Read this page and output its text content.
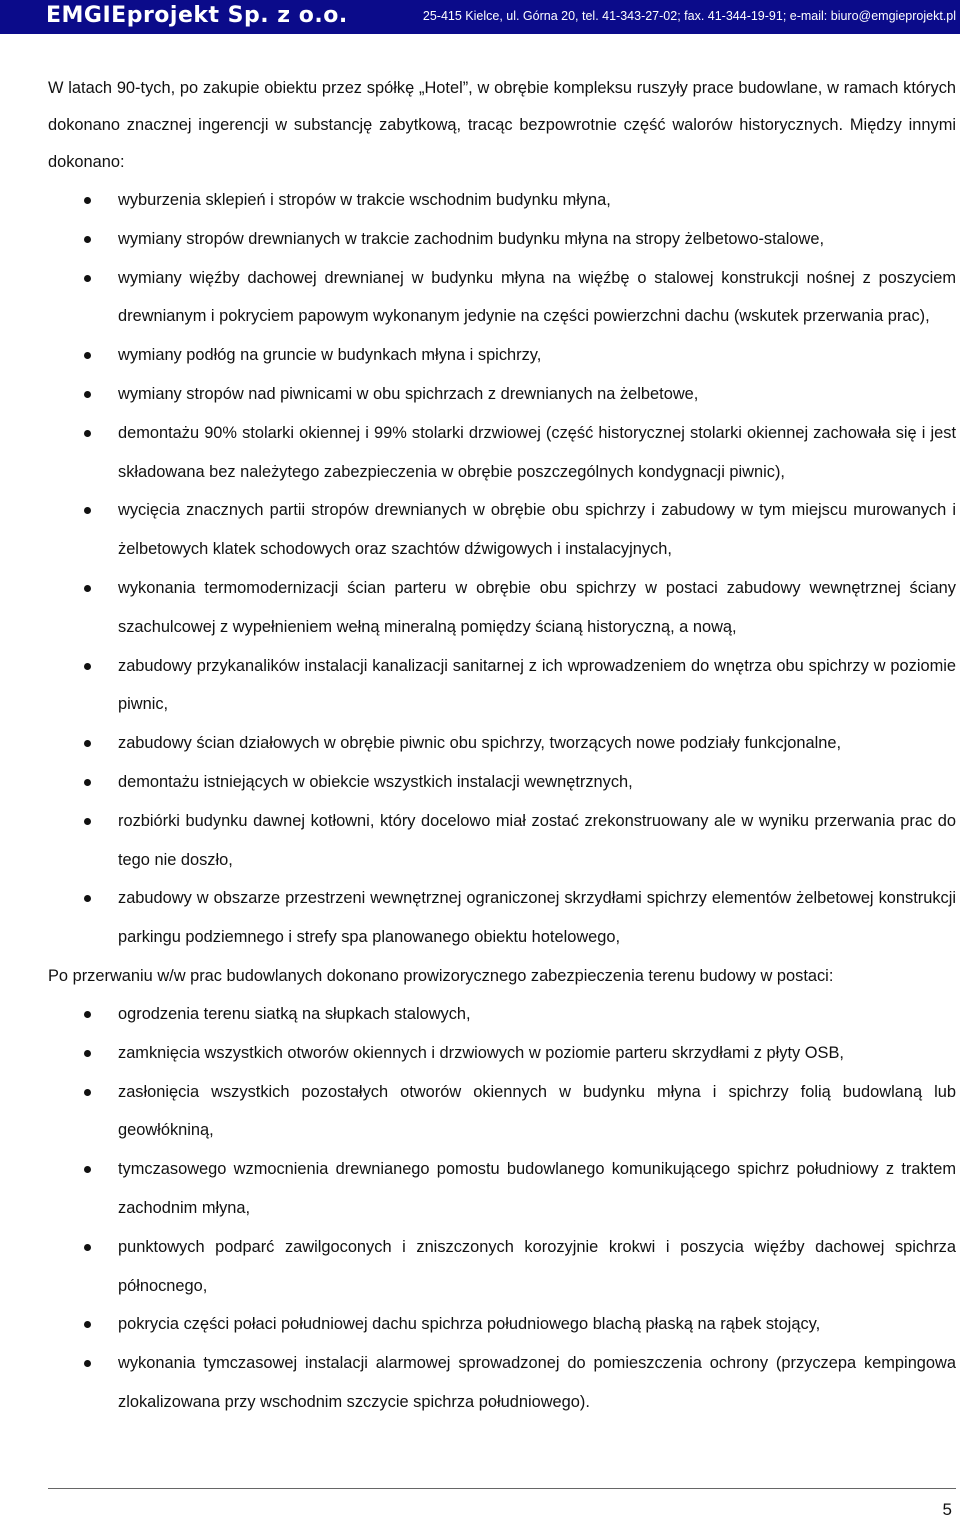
EMGIEprojekt Sp. z o.o.	25-415 Kielce, ul. Górna 20, tel. 41-343-27-02; fax. 41-344-19-91; e-mail: biuro@emgieprojekt.pl

W latach 90-tych, po zakupie obiektu przez spółkę „Hotel”, w obrębie kompleksu ruszyły prace budowlane, w ramach których dokonano znacznej ingerencji w substancję zabytkową, tracąc bezpowrotnie część walorów historycznych. Między innymi dokonano:

wyburzenia sklepień i stropów w trakcie wschodnim budynku młyna,
wymiany stropów drewnianych w trakcie zachodnim budynku młyna na stropy żelbetowo-stalowe,
wymiany więźby dachowej drewnianej w budynku młyna na więźbę o stalowej konstrukcji nośnej z poszyciem drewnianym i pokryciem papowym wykonanym jedynie na części powierzchni dachu (wskutek przerwania prac),
wymiany podłóg na gruncie w budynkach młyna i spichrzy,
wymiany stropów nad piwnicami w obu spichrzach z drewnianych na żelbetowe,
demontażu 90% stolarki okiennej i 99% stolarki drzwiowej (część historycznej stolarki okiennej zachowała się i jest składowana bez należytego zabezpieczenia w obrębie poszczególnych kondygnacji piwnic),
wycięcia znacznych partii stropów drewnianych w obrębie obu spichrzy i zabudowy w tym miejscu murowanych i żelbetowych klatek schodowych oraz szachtów dźwigowych i instalacyjnych,
wykonania termomodernizacji ścian parteru w obrębie obu spichrzy w postaci zabudowy wewnętrznej ściany szachulcowej z wypełnieniem wełną mineralną pomiędzy ścianą historyczną, a nową,
zabudowy przykanalików instalacji kanalizacji sanitarnej z ich wprowadzeniem do wnętrza obu spichrzy w poziomie piwnic,
zabudowy ścian działowych w obrębie piwnic obu spichrzy, tworzących nowe podziały funkcjonalne,
demontażu istniejących w obiekcie wszystkich instalacji wewnętrznych,
rozbiórki budynku dawnej kotłowni, który docelowo miał zostać zrekonstruowany ale w wyniku przerwania prac do tego nie doszło,
zabudowy w obszarze przestrzeni wewnętrznej ograniczonej skrzydłami spichrzy elementów żelbetowej konstrukcji parkingu podziemnego i strefy spa planowanego obiektu hotelowego,

Po przerwaniu w/w prac budowlanych dokonano prowizorycznego zabezpieczenia terenu budowy w postaci:

ogrodzenia terenu siatką na słupkach stalowych,
zamknięcia wszystkich otworów okiennych i drzwiowych w poziomie parteru skrzydłami z płyty OSB,
zasłonięcia wszystkich pozostałych otworów okiennych w budynku młyna i spichrzy folią budowlaną lub geowłókniną,
tymczasowego wzmocnienia drewnianego pomostu budowlanego komunikującego spichrz południowy z traktem zachodnim młyna,
punktowych podparć zawilgoconych i zniszczonych korozyjnie krokwi i poszycia więźby dachowej spichrza północnego,
pokrycia części połaci południowej dachu spichrza południowego blachą płaską na rąbek stojący,
wykonania tymczasowej instalacji alarmowej sprowadzonej do pomieszczenia ochrony (przyczepa kempingowa zlokalizowana przy wschodnim szczycie spichrza południowego).
5
